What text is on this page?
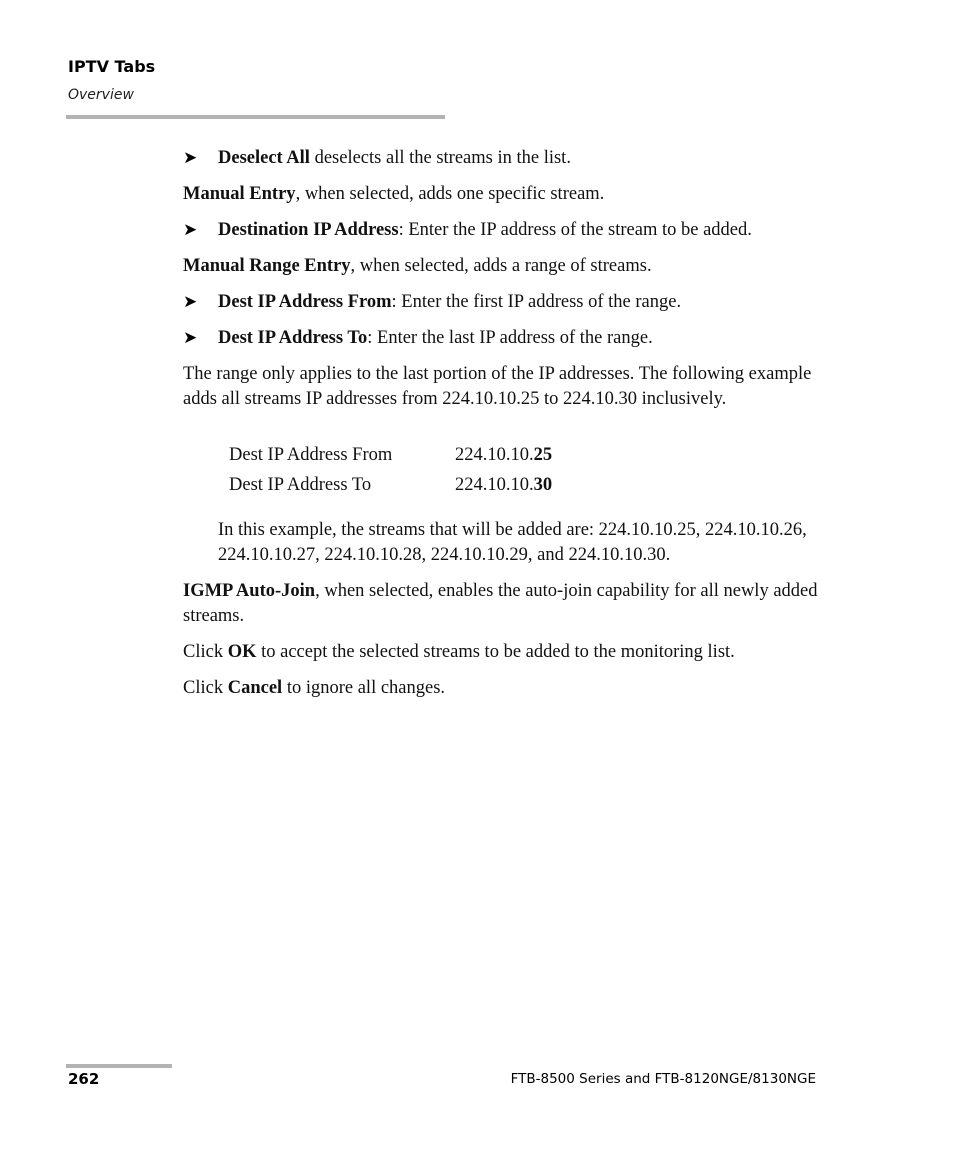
IPTV Tabs
Overview
➤ Deselect All deselects all the streams in the list.

Manual Entry, when selected, adds one specific stream.

➤ Destination IP Address: Enter the IP address of the stream to be added.

Manual Range Entry, when selected, adds a range of streams.

➤ Dest IP Address From: Enter the first IP address of the range.
➤ Dest IP Address To: Enter the last IP address of the range.

The range only applies to the last portion of the IP addresses. The following example adds all streams IP addresses from 224.10.10.25 to 224.10.30 inclusively.

Dest IP Address From	224.10.10.25
Dest IP Address To	224.10.10.30

In this example, the streams that will be added are: 224.10.10.25, 224.10.10.26, 224.10.10.27, 224.10.10.28, 224.10.10.29, and 224.10.10.30.

IGMP Auto-Join, when selected, enables the auto-join capability for all newly added streams.

Click OK to accept the selected streams to be added to the monitoring list.

Click Cancel to ignore all changes.

262	FTB-8500 Series and FTB-8120NGE/8130NGE
